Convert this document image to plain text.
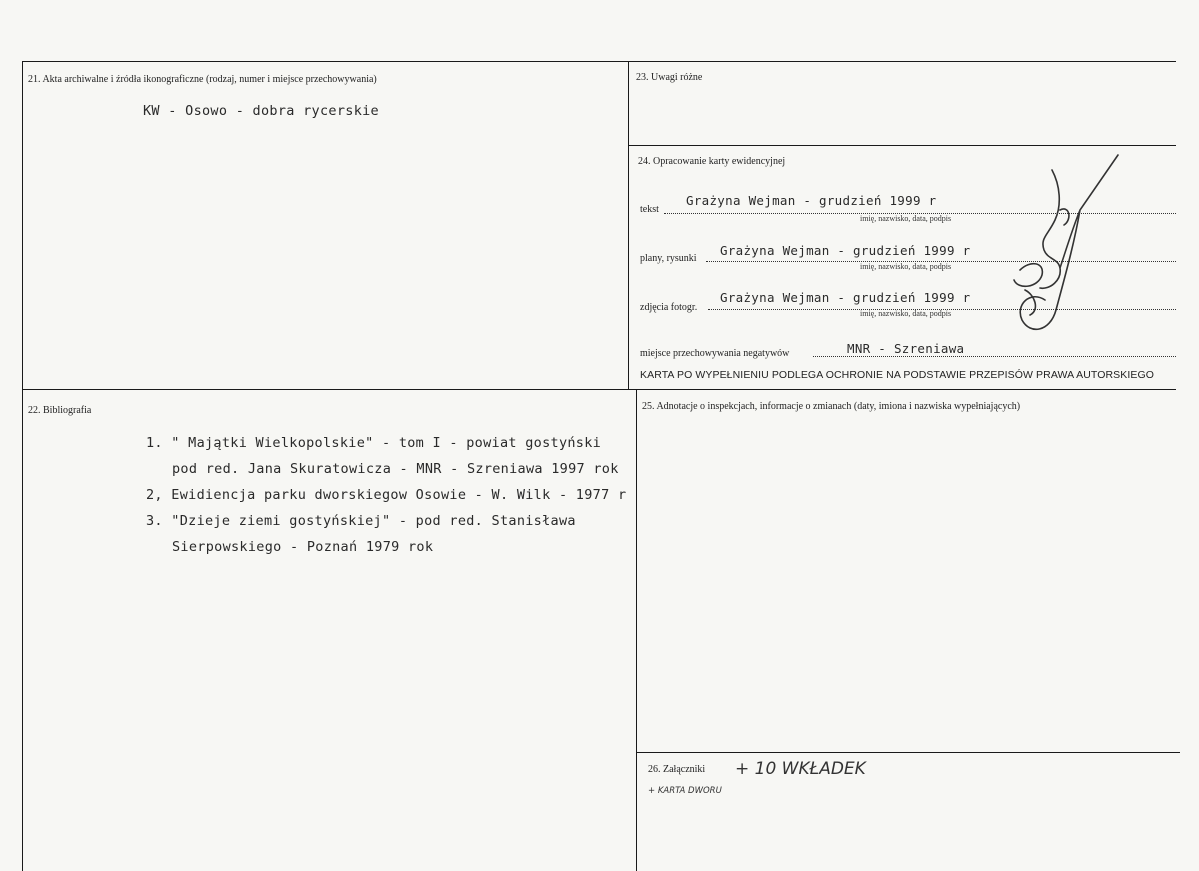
21. Akta archiwalne i źródła ikonograficzne (rodzaj, numer i miejsce przechowywania)
KW - Osowo - dobra rycerskie
22. Bibliografia
1. " Majątki Wielkopolskie" - tom I - powiat gostyński
pod red. Jana Skuratowicza - MNR - Szreniawa 1997 rok
2, Ewidiencja parku dworskiegow Osowie - W. Wilk - 1977 r
3. "Dzieje ziemi gostyńskiej" - pod red. Stanisława
Sierpowskiego - Poznań 1979 rok
23. Uwagi różne
24. Opracowanie karty ewidencyjnej
tekst
Grażyna Wejman - grudzień 1999 r
imię, nazwisko, data, podpis
plany, rysunki
Grażyna Wejman - grudzień 1999 r
imię, nazwisko, data, podpis
zdjęcia fotogr.
Grażyna Wejman - grudzień 1999 r
imię, nazwisko, data, podpis
miejsce przechowywania negatywów	MNR - Szreniawa
KARTA PO WYPEŁNIENIU PODLEGA OCHRONIE NA PODSTAWIE PRZEPISÓW PRAWA AUTORSKIEGO
25. Adnotacje o inspekcjach, informacje o zmianach (daty, imiona i nazwiska wypełniających)
26. Załączniki + 10 WKŁADEK
+ KARTA DWORU
